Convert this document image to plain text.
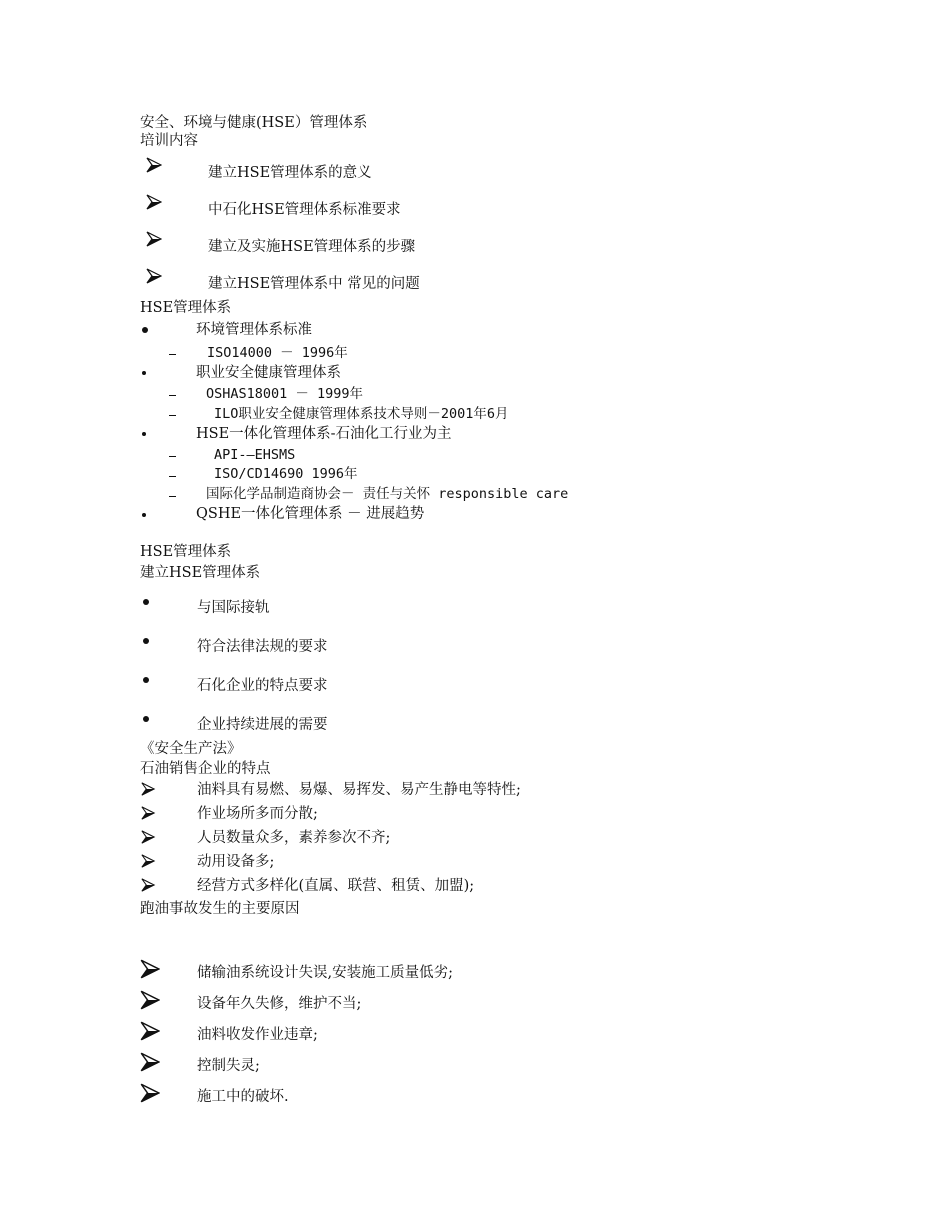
安全、环境与健康(HSE）管理体系
培训内容
建立HSE管理体系的意义
中石化HSE管理体系标准要求
建立及实施HSE管理体系的步骤
建立HSE管理体系中 常见的问题
HSE管理体系
环境管理体系标准
ISO14000 － 1996年
职业安全健康管理体系
OSHAS18001 － 1999年
ILO职业安全健康管理体系技术导则－2001年6月
HSE一体化管理体系-石油化工行业为主
API-—EHSMS
ISO/CD14690 1996年
国际化学品制造商协会－ 责任与关怀 responsible care
QSHE一体化管理体系 － 进展趋势
HSE管理体系
建立HSE管理体系
与国际接轨
符合法律法规的要求
石化企业的特点要求
企业持续进展的需要
《安全生产法》
石油销售企业的特点
油料具有易燃、易爆、易挥发、易产生静电等特性;
作业场所多而分散;
人员数量众多，素养参次不齐;
动用设备多;
经营方式多样化(直属、联营、租赁、加盟);
跑油事故发生的主要原因
储输油系统设计失误,安装施工质量低劣;
设备年久失修，维护不当;
油料收发作业违章;
控制失灵;
施工中的破坏.
